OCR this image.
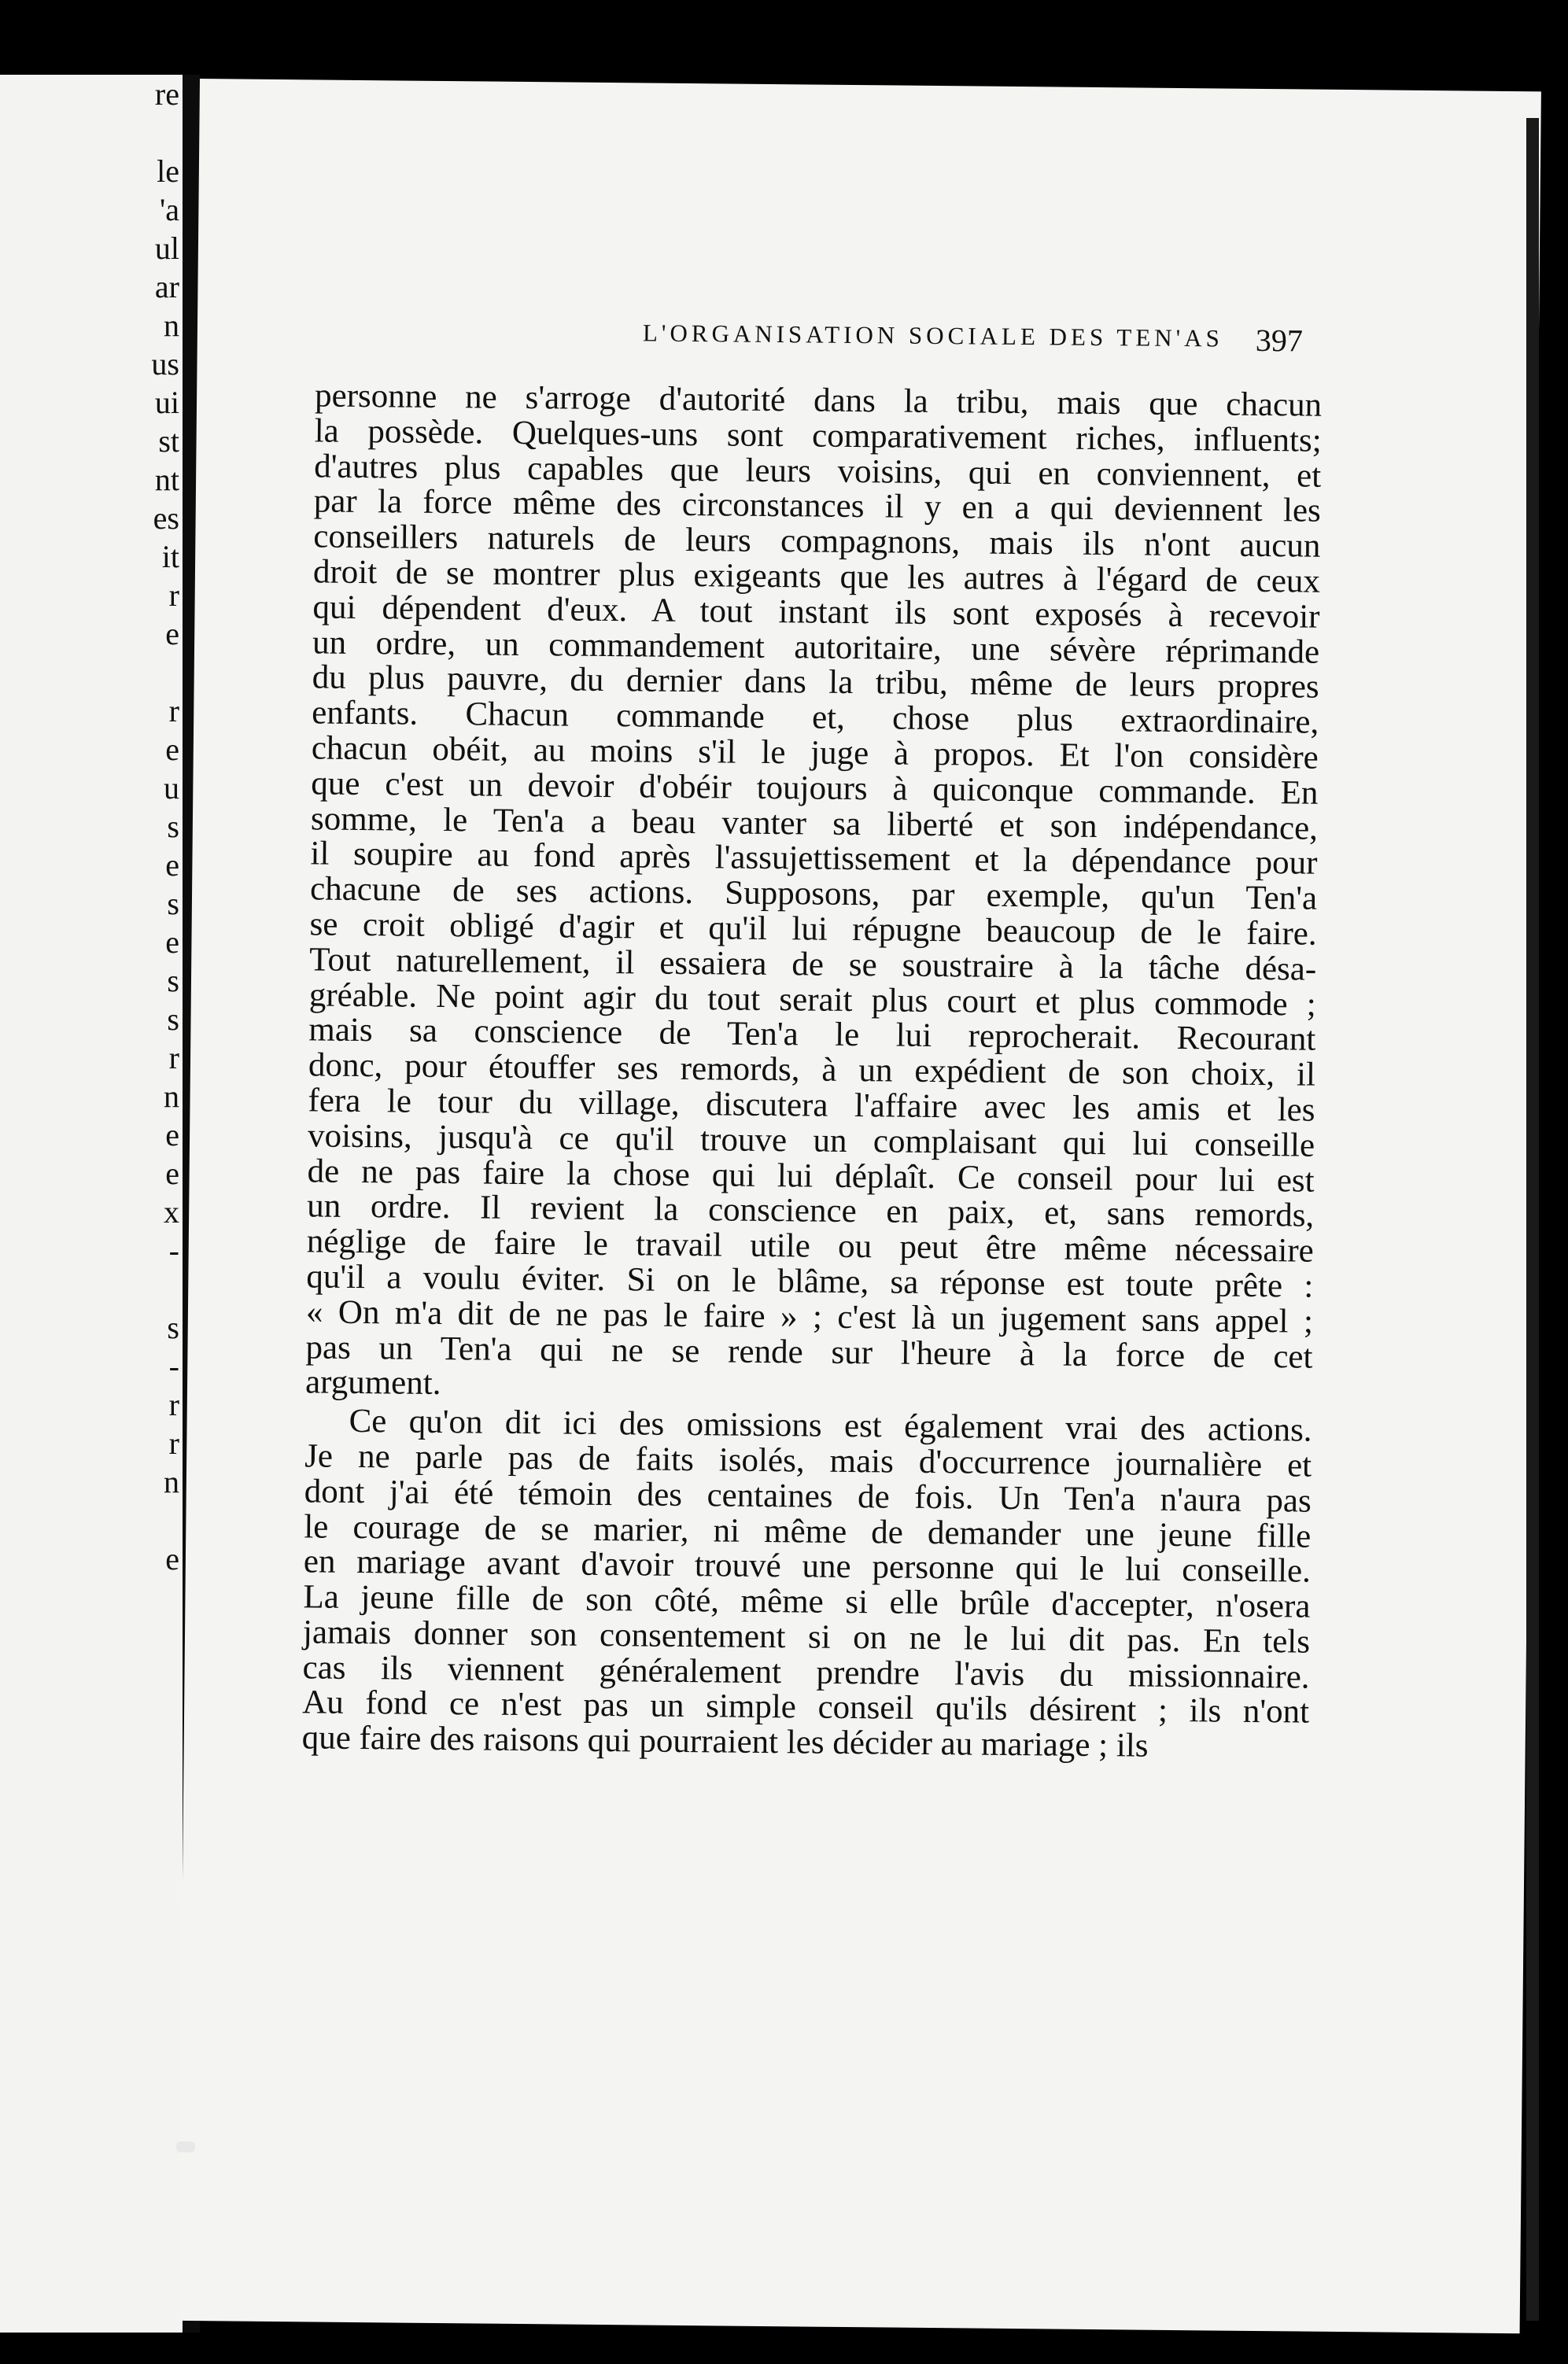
re
le
'a
ul
ar
n
us
ui
st
nt
es
it
r
e
r
e
u
s
e
s
e
s
s
r
n
e
e
x
-
s
-
r
r
n
e
L'ORGANISATION SOCIALE DES TEN'AS	397

personne ne s'arroge d'autorité dans la tribu, mais que chacun

la possède. Quelques-uns sont comparativement riches, influents;

d'autres plus capables que leurs voisins, qui en conviennent, et

par la force même des circonstances il y en a qui deviennent les

conseillers naturels de leurs compagnons, mais ils n'ont aucun

droit de se montrer plus exigeants que les autres à l'égard de ceux

qui dépendent d'eux. A tout instant ils sont exposés à recevoir

un ordre, un commandement autoritaire, une sévère réprimande

du plus pauvre, du dernier dans la tribu, même de leurs propres

enfants. Chacun commande et, chose plus extraordinaire,

chacun obéit, au moins s'il le juge à propos. Et l'on considère

que c'est un devoir d'obéir toujours à quiconque commande. En

somme, le Ten'a a beau vanter sa liberté et son indépendance,

il soupire au fond après l'assujettissement et la dépendance pour

chacune de ses actions. Supposons, par exemple, qu'un Ten'a

se croit obligé d'agir et qu'il lui répugne beaucoup de le faire.

Tout naturellement, il essaiera de se soustraire à la tâche désa-

gréable. Ne point agir du tout serait plus court et plus commode ;

mais sa conscience de Ten'a le lui reprocherait. Recourant

donc, pour étouffer ses remords, à un expédient de son choix, il

fera le tour du village, discutera l'affaire avec les amis et les

voisins, jusqu'à ce qu'il trouve un complaisant qui lui conseille

de ne pas faire la chose qui lui déplaît. Ce conseil pour lui est

un ordre. Il revient la conscience en paix, et, sans remords,

néglige de faire le travail utile ou peut être même nécessaire

qu'il a voulu éviter. Si on le blâme, sa réponse est toute prête :

« On m'a dit de ne pas le faire » ; c'est là un jugement sans appel ;

pas un Ten'a qui ne se rende sur l'heure à la force de cet

argument.

Ce qu'on dit ici des omissions est également vrai des actions.

Je ne parle pas de faits isolés, mais d'occurrence journalière et

dont j'ai été témoin des centaines de fois. Un Ten'a n'aura pas

le courage de se marier, ni même de demander une jeune fille

en mariage avant d'avoir trouvé une personne qui le lui conseille.

La jeune fille de son côté, même si elle brûle d'accepter, n'osera

jamais donner son consentement si on ne le lui dit pas. En tels

cas ils viennent généralement prendre l'avis du missionnaire.

Au fond ce n'est pas un simple conseil qu'ils désirent ; ils n'ont

que faire des raisons qui pourraient les décider au mariage ; ils
